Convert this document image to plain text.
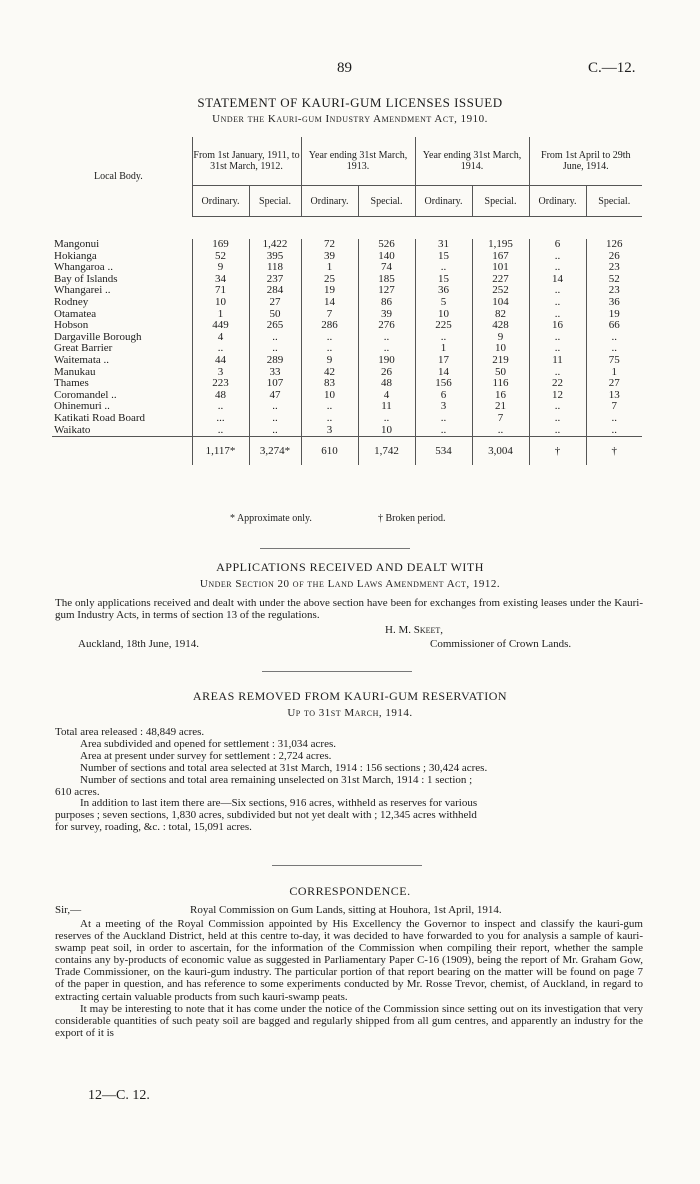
89	C.—12.
STATEMENT OF KAURI-GUM LICENSES ISSUED
Under the Kauri-gum Industry Amendment Act, 1910.
Local Body.	From 1st January, 1911, to 31st March, 1912.		Year ending 31st March, 1913.		Year ending 31st March, 1914.		From 1st April to 29th June, 1914.	
	Ordinary.	Special.	Ordinary.	Special.	Ordinary.	Special.	Ordinary.	Special.

Mangonui	169	1,422	72	526	31	1,195	6	126
Hokianga	52	395	39	140	15	167	..	26
Whangaroa ..	9	118	1	74	..	101	..	23
Bay of Islands	34	237	25	185	15	227	14	52
Whangarei ..	71	284	19	127	36	252	..	23
Rodney	10	27	14	86	5	104	..	36
Otamatea	1	50	7	39	10	82	..	19
Hobson	449	265	286	276	225	428	16	66
Dargaville Borough	4	..	..	..	..	9	..	..
Great Barrier	..	..	..	..	1	10	..	..
Waitemata ..	44	289	9	190	17	219	11	75
Manukau	3	33	42	26	14	50	..	1
Thames	223	107	83	48	156	116	22	27
Coromandel ..	48	47	10	4	6	16	12	13
Ohinemuri ..	..	..	..	11	3	21	..	7
Katikati Road Board	...	..	..	..	..	7	..	..
Waikato	..	..	3	10	..	..	..	..
	1,117*	3,274*	610	1,742	534	3,004	†	†
* Approximate only.	† Broken period.
APPLICATIONS RECEIVED AND DEALT WITH
Under Section 20 of the Land Laws Amendment Act, 1912.
The only applications received and dealt with under the above section have been for exchanges from existing leases under the Kauri-gum Industry Acts, in terms of section 13 of the regulations.
H. M. Skeet,
Auckland, 18th June, 1914.	Commissioner of Crown Lands.
AREAS REMOVED FROM KAURI-GUM RESERVATION
Up to 31st March, 1914.
Total area released : 48,849 acres.
Area subdivided and opened for settlement : 31,034 acres.
Area at present under survey for settlement : 2,724 acres.
Number of sections and total area selected at 31st March, 1914 : 156 sections ; 30,424 acres.
Number of sections and total area remaining unselected on 31st March, 1914 : 1 section ;
610 acres.
In addition to last item there are—Six sections, 916 acres, withheld as reserves for various
purposes ; seven sections, 1,830 acres, subdivided but not yet dealt with ; 12,345 acres withheld
for survey, roading, &c. : total, 15,091 acres.
CORRESPONDENCE.
Sir,—	Royal Commission on Gum Lands, sitting at Houhora, 1st April, 1914.
At a meeting of the Royal Commission appointed by His Excellency the Governor to inspect and classify the kauri-gum reserves of the Auckland District, held at this centre to-day, it was decided to have forwarded to you for analysis a sample of kauri-swamp peat soil, in order to ascertain, for the information of the Commission when compiling their report, whether the sample contains any by-products of economic value as suggested in Parliamentary Paper C-16 (1909), being the report of Mr. Graham Gow, Trade Commissioner, on the kauri-gum industry. The particular portion of that report bearing on the matter will be found on page 7 of the paper in question, and has reference to some experiments conducted by Mr. Rosse Trevor, chemist, of Auckland, in regard to extracting certain valuable products from such kauri-swamp peats.
It may be interesting to note that it has come under the notice of the Commission since setting out on its investigation that very considerable quantities of such peaty soil are bagged and regularly shipped from all gum centres, and apparently an industry for the export of it is
12—C. 12.
